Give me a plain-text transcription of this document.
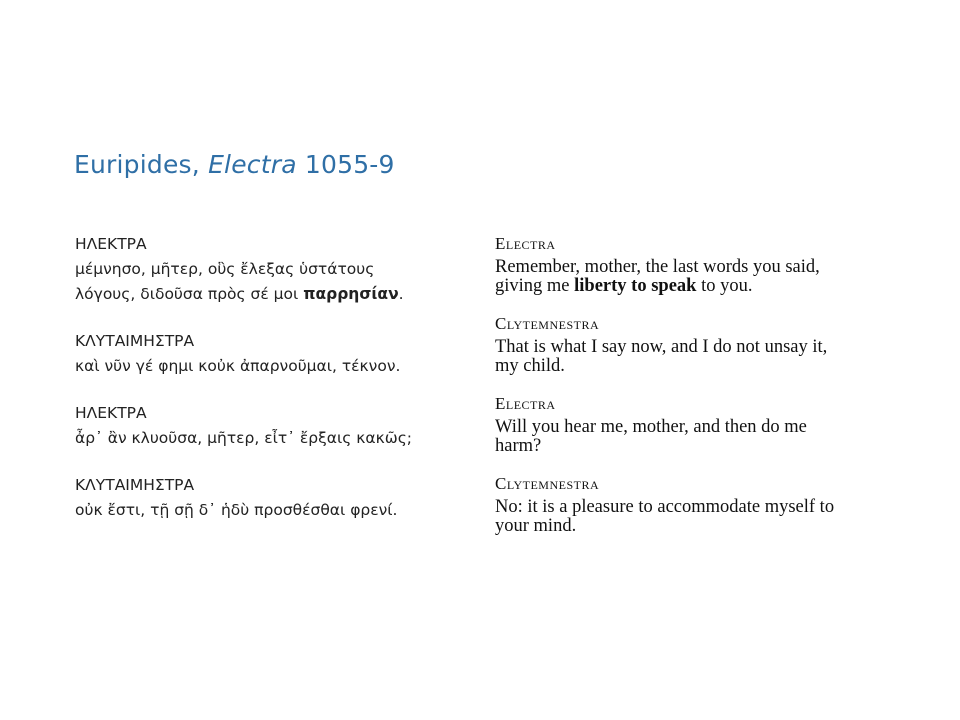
Euripides, Electra 1055-9
ΗΛΕΚΤΡΑ
μέμνησο, μῆτερ, οὓς ἔλεξας ὑστάτους
λόγους, διδοῦσα πρὸς σέ μοι παρρησίαν.
ΚΛΥΤΑΙΜΗΣΤΡΑ
καὶ νῦν γέ φημι κοὐκ ἀπαρνοῦμαι, τέκνον.
ΗΛΕΚΤΡΑ
ἆρ᾽ ἂν κλυοῦσα, μῆτερ, εἶτ᾽ ἔρξαις κακῶς;
ΚΛΥΤΑΙΜΗΣΤΡΑ
οὐκ ἔστι, τῇ σῇ δ᾽ ἡδὺ προσθέσθαι φρενί.
Electra
Remember, mother, the last words you said,
giving me liberty to speak to you.
Clytemnestra
That is what I say now, and I do not unsay it,
my child.
Electra
Will you hear me, mother, and then do me
harm?
Clytemnestra
No: it is a pleasure to accommodate myself to
your mind.
